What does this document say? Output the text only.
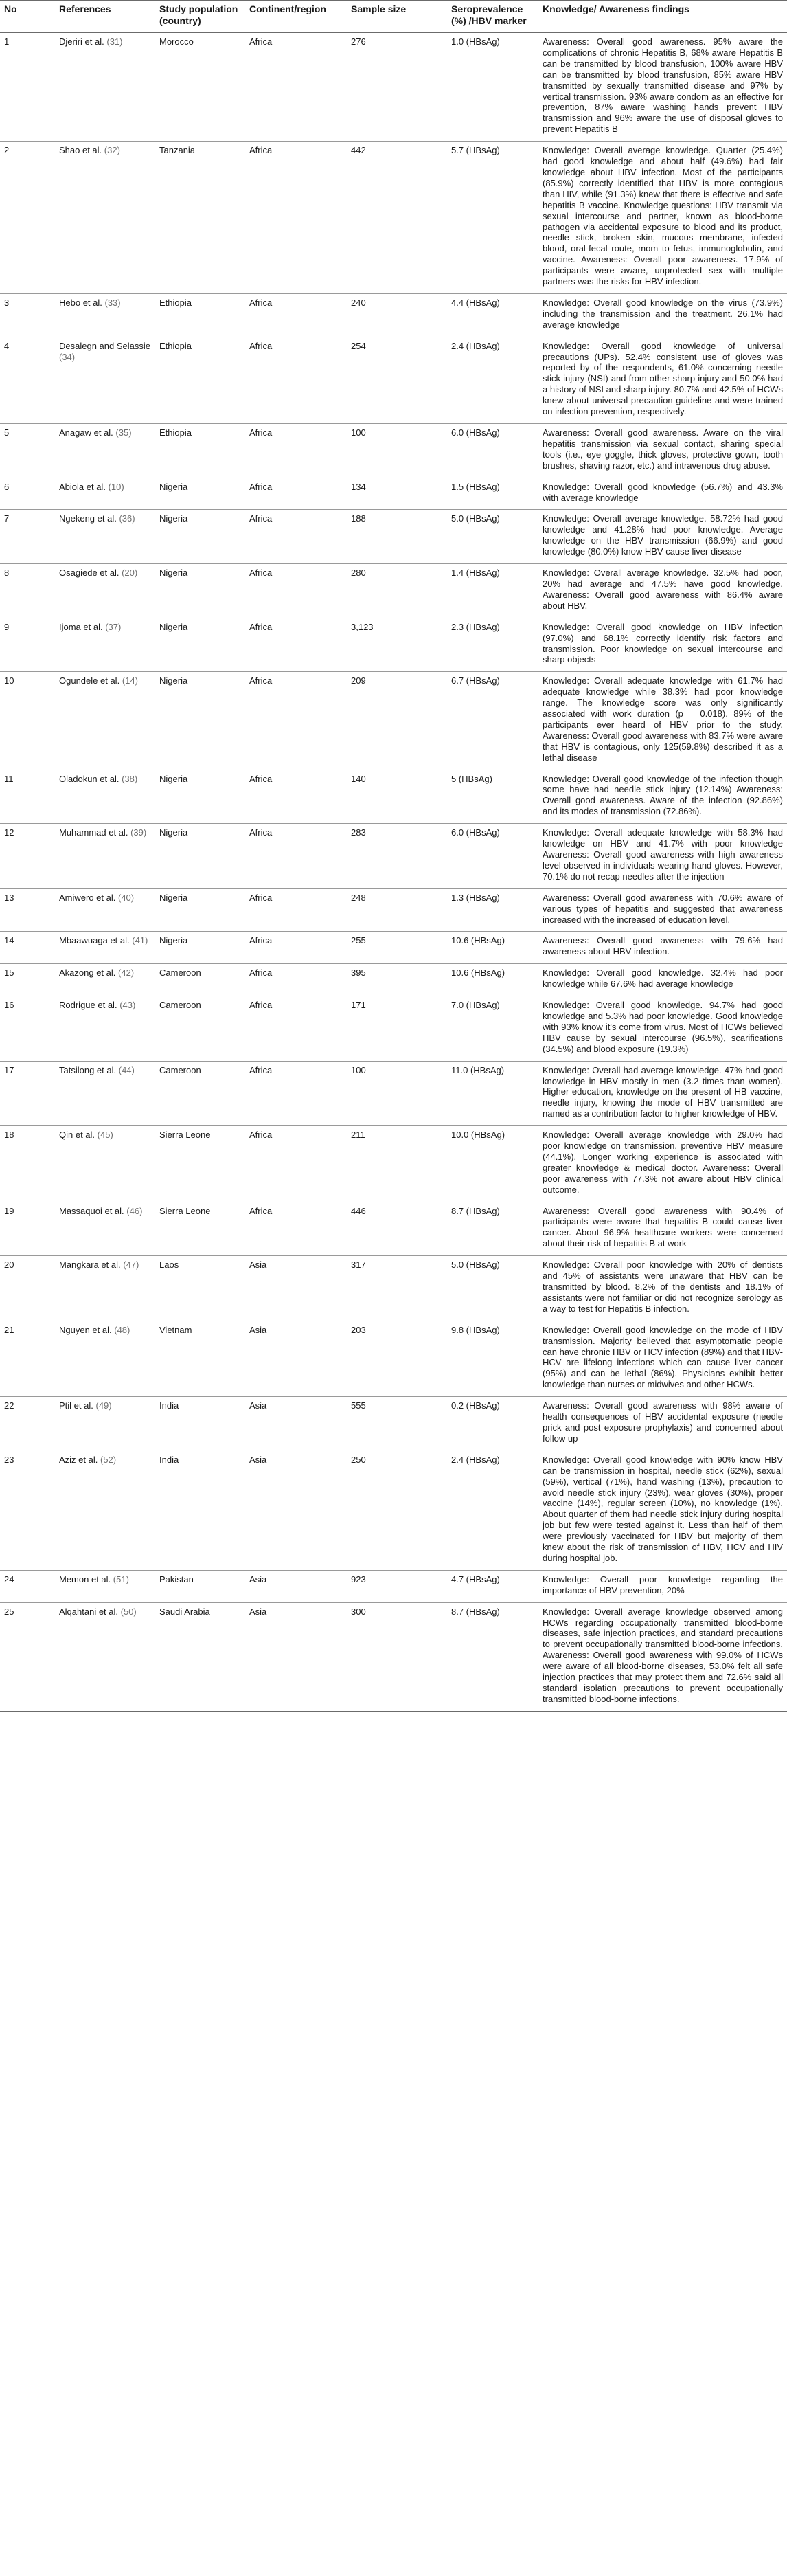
No	References	Study population (country)	Continent/region	Sample size	Seroprevalence (%) /HBV marker	Knowledge/ Awareness findings
1	Djeriri et al. (31)	Morocco	Africa	276	1.0 (HBsAg)	Awareness: Overall good awareness. 95% aware the complications of chronic Hepatitis B, 68% aware Hepatitis B can be transmitted by blood transfusion, 100% aware HBV can be transmitted by blood transfusion, 85% aware HBV transmitted by sexually transmitted disease and 97% by vertical transmission. 93% aware condom as an effective for prevention, 87% aware washing hands prevent HBV transmission and 96% aware the use of disposal gloves to prevent Hepatitis B
2	Shao et al. (32)	Tanzania	Africa	442	5.7 (HBsAg)	Knowledge: Overall average knowledge. Quarter (25.4%) had good knowledge and about half (49.6%) had fair knowledge about HBV infection. Most of the participants (85.9%) correctly identified that HBV is more contagious than HIV, while (91.3%) knew that there is effective and safe hepatitis B vaccine. Knowledge questions: HBV transmit via sexual intercourse and partner, known as blood-borne pathogen via accidental exposure to blood and its product, needle stick, broken skin, mucous membrane, infected blood, oral-fecal route, mom to fetus, immunoglobulin, and vaccine. Awareness: Overall poor awareness. 17.9% of participants were aware, unprotected sex with multiple partners was the risks for HBV infection.
3	Hebo et al. (33)	Ethiopia	Africa	240	4.4 (HBsAg)	Knowledge: Overall good knowledge on the virus (73.9%) including the transmission and the treatment. 26.1% had average knowledge
4	Desalegn and Selassie (34)	Ethiopia	Africa	254	2.4 (HBsAg)	Knowledge: Overall good knowledge of universal precautions (UPs). 52.4% consistent use of gloves was reported by of the respondents, 61.0% concerning needle stick injury (NSI) and from other sharp injury and 50.0% had a history of NSI and sharp injury. 80.7% and 42.5% of HCWs knew about universal precaution guideline and were trained on infection prevention, respectively.
5	Anagaw et al. (35)	Ethiopia	Africa	100	6.0 (HBsAg)	Awareness: Overall good awareness. Aware on the viral hepatitis transmission via sexual contact, sharing special tools (i.e., eye goggle, thick gloves, protective gown, tooth brushes, shaving razor, etc.) and intravenous drug abuse.
6	Abiola et al. (10)	Nigeria	Africa	134	1.5 (HBsAg)	Knowledge: Overall good knowledge (56.7%) and 43.3% with average knowledge
7	Ngekeng et al. (36)	Nigeria	Africa	188	5.0 (HBsAg)	Knowledge: Overall average knowledge. 58.72% had good knowledge and 41.28% had poor knowledge. Average knowledge on the HBV transmission (66.9%) and good knowledge (80.0%) know HBV cause liver disease
8	Osagiede et al. (20)	Nigeria	Africa	280	1.4 (HBsAg)	Knowledge: Overall average knowledge. 32.5% had poor, 20% had average and 47.5% have good knowledge. Awareness: Overall good awareness with 86.4% aware about HBV.
9	Ijoma et al. (37)	Nigeria	Africa	3,123	2.3 (HBsAg)	Knowledge: Overall good knowledge on HBV infection (97.0%) and 68.1% correctly identify risk factors and transmission. Poor knowledge on sexual intercourse and sharp objects
10	Ogundele et al. (14)	Nigeria	Africa	209	6.7 (HBsAg)	Knowledge: Overall adequate knowledge with 61.7% had adequate knowledge while 38.3% had poor knowledge range. The knowledge score was only significantly associated with work duration (p = 0.018). 89% of the participants ever heard of HBV prior to the study. Awareness: Overall good awareness with 83.7% were aware that HBV is contagious, only 125(59.8%) described it as a lethal disease
11	Oladokun et al. (38)	Nigeria	Africa	140	5 (HBsAg)	Knowledge: Overall good knowledge of the infection though some have had needle stick injury (12.14%) Awareness: Overall good awareness. Aware of the infection (92.86%) and its modes of transmission (72.86%).
12	Muhammad et al. (39)	Nigeria	Africa	283	6.0 (HBsAg)	Knowledge: Overall adequate knowledge with 58.3% had knowledge on HBV and 41.7% with poor knowledge Awareness: Overall good awareness with high awareness level observed in individuals wearing hand gloves. However, 70.1% do not recap needles after the injection
13	Amiwero et al. (40)	Nigeria	Africa	248	1.3 (HBsAg)	Awareness: Overall good awareness with 70.6% aware of various types of hepatitis and suggested that awareness increased with the increased of education level.
14	Mbaawuaga et al. (41)	Nigeria	Africa	255	10.6 (HBsAg)	Awareness: Overall good awareness with 79.6% had awareness about HBV infection.
15	Akazong et al. (42)	Cameroon	Africa	395	10.6 (HBsAg)	Knowledge: Overall good knowledge. 32.4% had poor knowledge while 67.6% had average knowledge
16	Rodrigue et al. (43)	Cameroon	Africa	171	7.0 (HBsAg)	Knowledge: Overall good knowledge. 94.7% had good knowledge and 5.3% had poor knowledge. Good knowledge with 93% know it's come from virus. Most of HCWs believed HBV cause by sexual intercourse (96.5%), scarifications (34.5%) and blood exposure (19.3%)
17	Tatsilong et al. (44)	Cameroon	Africa	100	11.0 (HBsAg)	Knowledge: Overall had average knowledge. 47% had good knowledge in HBV mostly in men (3.2 times than women). Higher education, knowledge on the present of HB vaccine, needle injury, knowing the mode of HBV transmitted are named as a contribution factor to higher knowledge of HBV.
18	Qin et al. (45)	Sierra Leone	Africa	211	10.0 (HBsAg)	Knowledge: Overall average knowledge with 29.0% had poor knowledge on transmission, preventive HBV measure (44.1%). Longer working experience is associated with greater knowledge & medical doctor. Awareness: Overall poor awareness with 77.3% not aware about HBV clinical outcome.
19	Massaquoi et al. (46)	Sierra Leone	Africa	446	8.7 (HBsAg)	Awareness: Overall good awareness with 90.4% of participants were aware that hepatitis B could cause liver cancer. About 96.9% healthcare workers were concerned about their risk of hepatitis B at work
20	Mangkara et al. (47)	Laos	Asia	317	5.0 (HBsAg)	Knowledge: Overall poor knowledge with 20% of dentists and 45% of assistants were unaware that HBV can be transmitted by blood. 8.2% of the dentists and 18.1% of assistants were not familiar or did not recognize serology as a way to test for Hepatitis B infection.
21	Nguyen et al. (48)	Vietnam	Asia	203	9.8 (HBsAg)	Knowledge: Overall good knowledge on the mode of HBV transmission. Majority believed that asymptomatic people can have chronic HBV or HCV infection (89%) and that HBV-HCV are lifelong infections which can cause liver cancer (95%) and can be lethal (86%). Physicians exhibit better knowledge than nurses or midwives and other HCWs.
22	Ptil et al. (49)	India	Asia	555	0.2 (HBsAg)	Awareness: Overall good awareness with 98% aware of health consequences of HBV accidental exposure (needle prick and post exposure prophylaxis) and concerned about follow up
23	Aziz et al. (52)	India	Asia	250	2.4 (HBsAg)	Knowledge: Overall good knowledge with 90% know HBV can be transmission in hospital, needle stick (62%), sexual (59%), vertical (71%), hand washing (13%), precaution to avoid needle stick injury (23%), wear gloves (30%), proper vaccine (14%), regular screen (10%), no knowledge (1%). About quarter of them had needle stick injury during hospital job but few were tested against it. Less than half of them were previously vaccinated for HBV but majority of them knew about the risk of transmission of HBV, HCV and HIV during hospital job.
24	Memon et al. (51)	Pakistan	Asia	923	4.7 (HBsAg)	Knowledge: Overall poor knowledge regarding the importance of HBV prevention, 20%
25	Alqahtani et al. (50)	Saudi Arabia	Asia	300	8.7 (HBsAg)	Knowledge: Overall average knowledge observed among HCWs regarding occupationally transmitted blood-borne diseases, safe injection practices, and standard precautions to prevent occupationally transmitted blood-borne infections. Awareness: Overall good awareness with 99.0% of HCWs were aware of all blood-borne diseases, 53.0% felt all safe injection practices that may protect them and 72.6% said all standard isolation precautions to prevent occupationally transmitted blood-borne infections.
